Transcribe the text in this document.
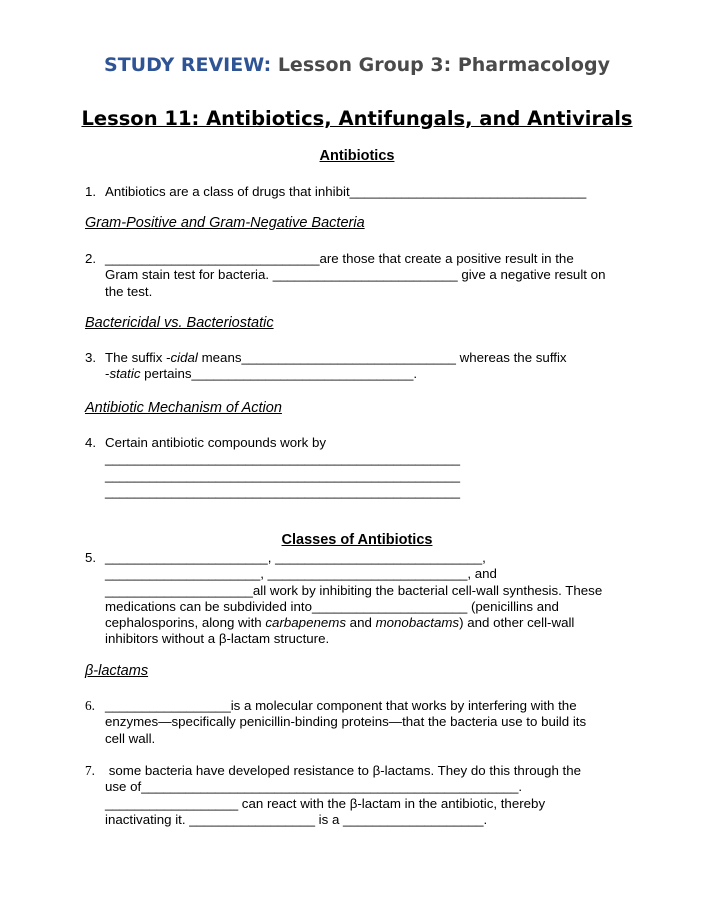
STUDY REVIEW: Lesson Group 3: Pharmacology
Lesson 11: Antibiotics, Antifungals, and Antivirals
Antibiotics
1. Antibiotics are a class of drugs that inhibit________________________________
Gram-Positive and Gram-Negative Bacteria
2. _____________________________are those that create a positive result in the
Gram stain test for bacteria. _________________________ give a negative result on
the test.
Bactericidal vs. Bacteriostatic
3. The suffix -cidal means_____________________________ whereas the suffix
-static pertains______________________________.
Antibiotic Mechanism of Action
4. Certain antibiotic compounds work by
________________________________________________
________________________________________________
________________________________________________
Classes of Antibiotics
5. ______________________, ____________________________,
_____________________, ___________________________, and
____________________all work by inhibiting the bacterial cell-wall synthesis. These
medications can be subdivided into_____________________ (penicillins and
cephalosporins, along with carbapenems and monobactams) and other cell-wall
inhibitors without a β-lactam structure.
β-lactams
6. _________________is a molecular component that works by interfering with the
enzymes—specifically penicillin-binding proteins—that the bacteria use to build its
cell wall.
7. some bacteria have developed resistance to β-lactams. They do this through the
use of___________________________________________________.
__________________ can react with the β-lactam in the antibiotic, thereby
inactivating it. _________________ is a ___________________.
